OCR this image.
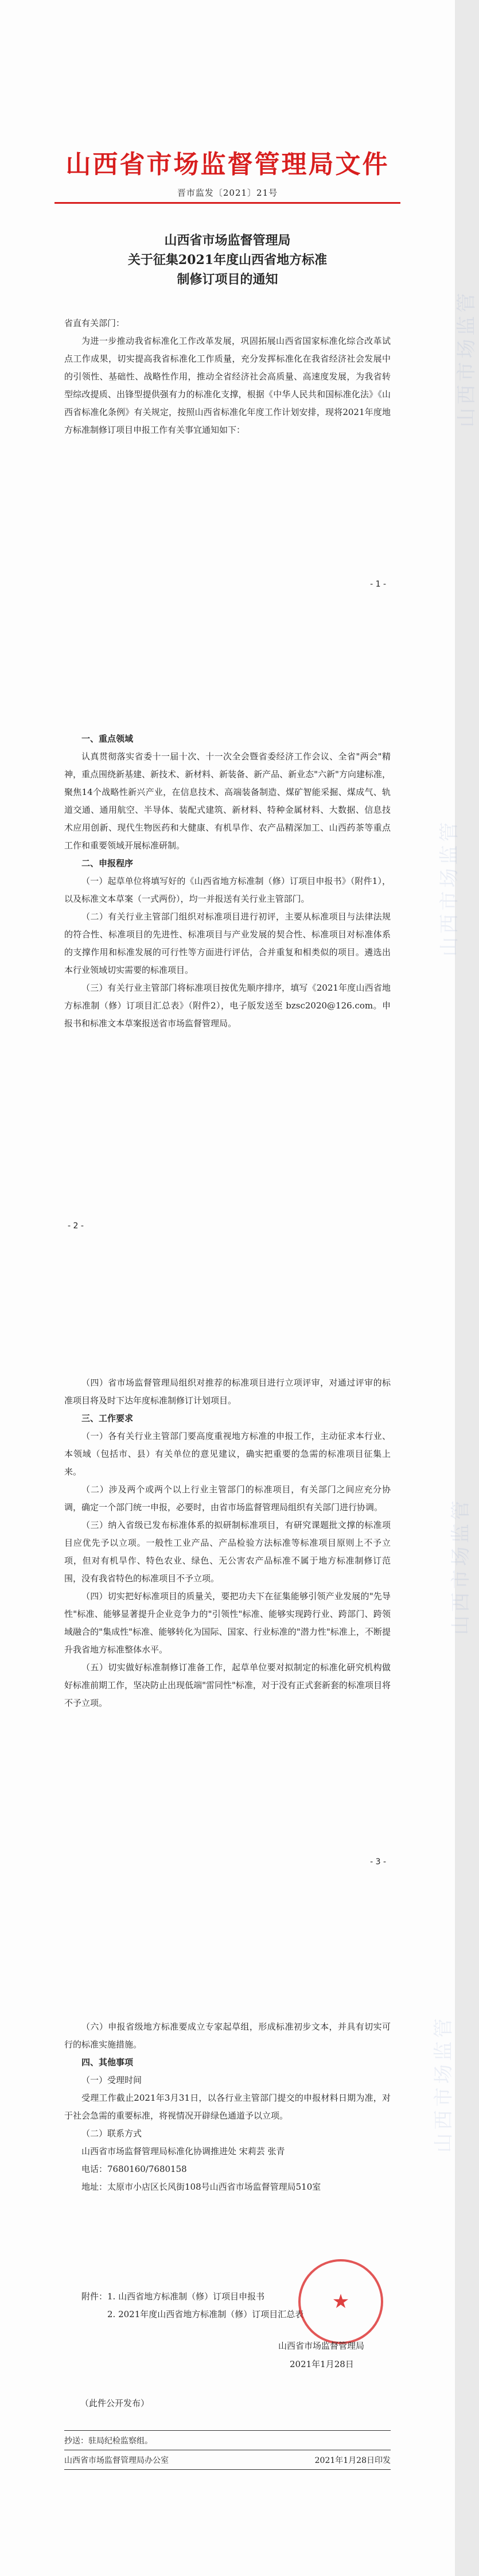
山西市场监管
山西省市场监督管理局文件
晋市监发〔2021〕21号
山西省市场监督管理局
关于征集2021年度山西省地方标准
制修订项目的通知

省直有关部门：

为进一步推动我省标准化工作改革发展，巩固拓展山西省国家标准化综合改革试点工作成果，切实提高我省标准化工作质量，充分发挥标准化在我省经济社会发展中的引领性、基础性、战略性作用，推动全省经济社会高质量、高速度发展，为我省转型综改提质、出锋型提供强有力的标准化支撑，根据《中华人民共和国标准化法》《山西省标准化条例》有关规定，按照山西省标准化年度工作计划安排，现将2021年度地方标准制修订项目申报工作有关事宜通知如下：

- 1 -
山西市场监管

一、重点领域

认真贯彻落实省委十一届十次、十一次全会暨省委经济工作会议、全省"两会"精神，重点围绕新基建、新技术、新材料、新装备、新产品、新业态"六新"方向建标准，聚焦14个战略性新兴产业，在信息技术、高端装备制造、煤矿智能采掘、煤成气、轨道交通、通用航空、半导体、装配式建筑、新材料、特种金属材料、大数据、信息技术应用创新、现代生物医药和大健康、有机旱作、农产品精深加工、山西药茶等重点工作和重要领域开展标准研制。

二、申报程序

（一）起草单位将填写好的《山西省地方标准制（修）订项目申报书》（附件1），以及标准文本草案（一式两份），均一并报送有关行业主管部门。

（二）有关行业主管部门组织对标准项目进行初评，主要从标准项目与法律法规的符合性、标准项目的先进性、标准项目与产业发展的契合性、标准项目对标准体系的支撑作用和标准发展的可行性等方面进行评估，合并重复和相类似的项目。遴选出本行业领域切实需要的标准项目。

（三）有关行业主管部门将标准项目按优先顺序排序，填写《2021年度山西省地方标准制（修）订项目汇总表》（附件2），电子版发送至 bzsc2020@126.com。申报书和标准文本草案报送省市场监督管理局。

- 2 -
山西市场监管

（四）省市场监督管理局组织对推荐的标准项目进行立项评审，对通过评审的标准项目将及时下达年度标准制修订计划项目。

三、工作要求

（一）各有关行业主管部门要高度重视地方标准的申报工作，主动征求本行业、本领域（包括市、县）有关单位的意见建议，确实把重要的急需的标准项目征集上来。

（二）涉及两个或两个以上行业主管部门的标准项目，有关部门之间应充分协调，确定一个部门统一申报，必要时，由省市场监督管理局组织有关部门进行协调。

（三）纳入省级已发布标准体系的拟研制标准项目，有研究课题批文撑的标准项目应优先予以立项。一般性工业产品、产品检验方法标准等标准项目原则上不予立项，但对有机旱作、特色农业、绿色、无公害农产品标准不属于地方标准制修订范围，没有我省特色的标准项目不予立项。

（四）切实把好标准项目的质量关，要把功夫下在征集能够引领产业发展的"先导性"标准、能够显著提升企业竞争力的"引领性"标准、能够实现跨行业、跨部门、跨领域融合的"集成性"标准、能够转化为国际、国家、行业标准的"潜力性"标准上，不断提升我省地方标准整体水平。

（五）切实做好标准制修订准备工作，起草单位要对拟制定的标准化研究机构做好标准前期工作，坚决防止出现低端"雷同性"标准，对于没有正式套新套的标准项目将不予立项。

- 3 -
山西市场监管

（六）申报省级地方标准要成立专家起草组，形成标准初步文本，并具有切实可行的标准实施措施。

四、其他事项

（一）受理时间

受理工作截止2021年3月31日，以各行业主管部门提交的申报材料日期为准，对于社会急需的重要标准，将视情况开辟绿色通道予以立项。

（二）联系方式

山西省市场监督管理局标准化协调推进处 宋莉芸 张青

电话：7680160/7680158

地址：太原市小店区长风街108号山西省市场监督管理局510室

附件：1. 山西省地方标准制（修）订项目申报书
2. 2021年度山西省地方标准制（修）订项目汇总表
★
山西省市场监督管理局
2021年1月28日
（此件公开发布）
抄送：驻局纪检监察组。
山西省市场监督管理局办公室	2021年1月28日印发
